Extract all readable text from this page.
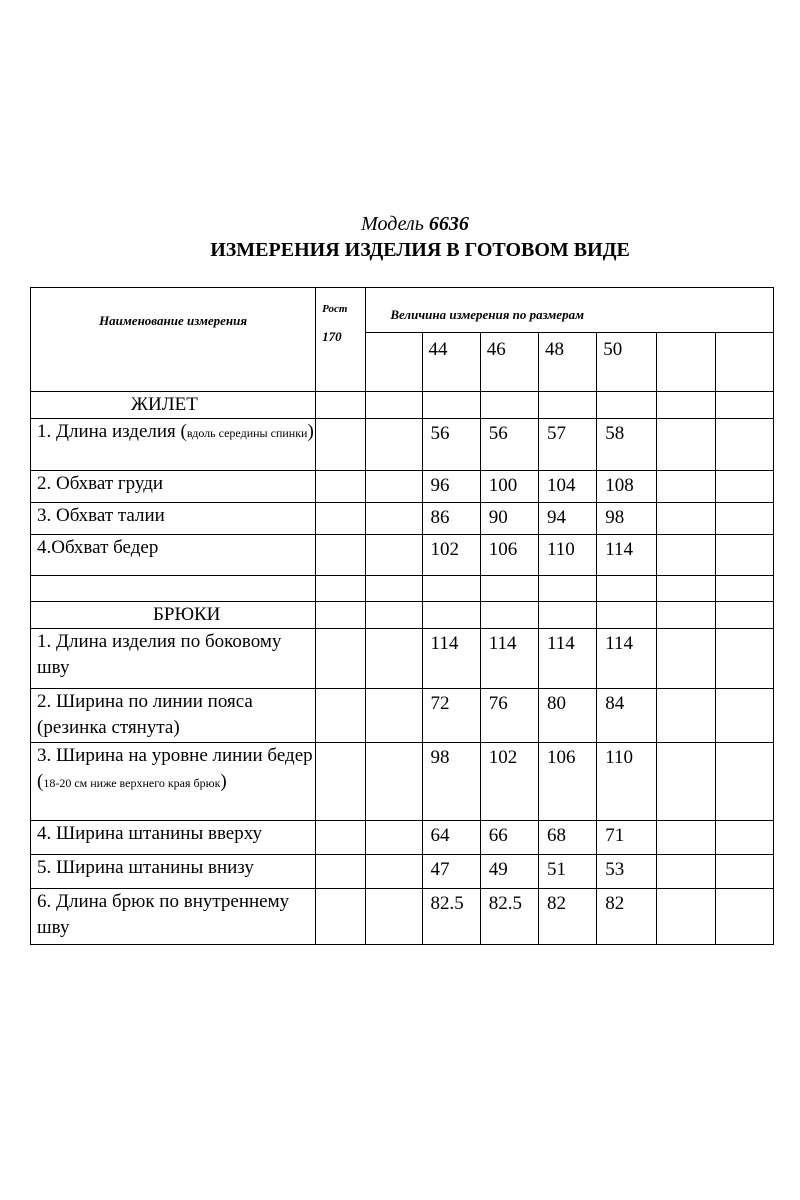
Модель 6636
ИЗМЕРЕНИЯ ИЗДЕЛИЯ В ГОТОВОМ ВИДЕ
Наименование измерения	Рост
170	Величина измерения по размерам						
			44	46	48	50		
ЖИЛЕТ								
1. Длина изделия (вдоль середины спинки)			56	56	57	58		
2. Обхват груди			96	100	104	108		
3. Обхват талии			86	90	94	98		
4.Обхват бедер			102	106	110	114		

БРЮКИ								
1. Длина изделия по боковому шву			114	114	114	114		
2. Ширина по линии пояса (резинка стянута)			72	76	80	84		
3. Ширина на уровне линии бедер (18-20 см ниже верхнего края брюк)			98	102	106	110		
4. Ширина штанины вверху			64	66	68	71		
5. Ширина штанины внизу			47	49	51	53		
6. Длина брюк по внутреннему шву			82.5	82.5	82	82		
